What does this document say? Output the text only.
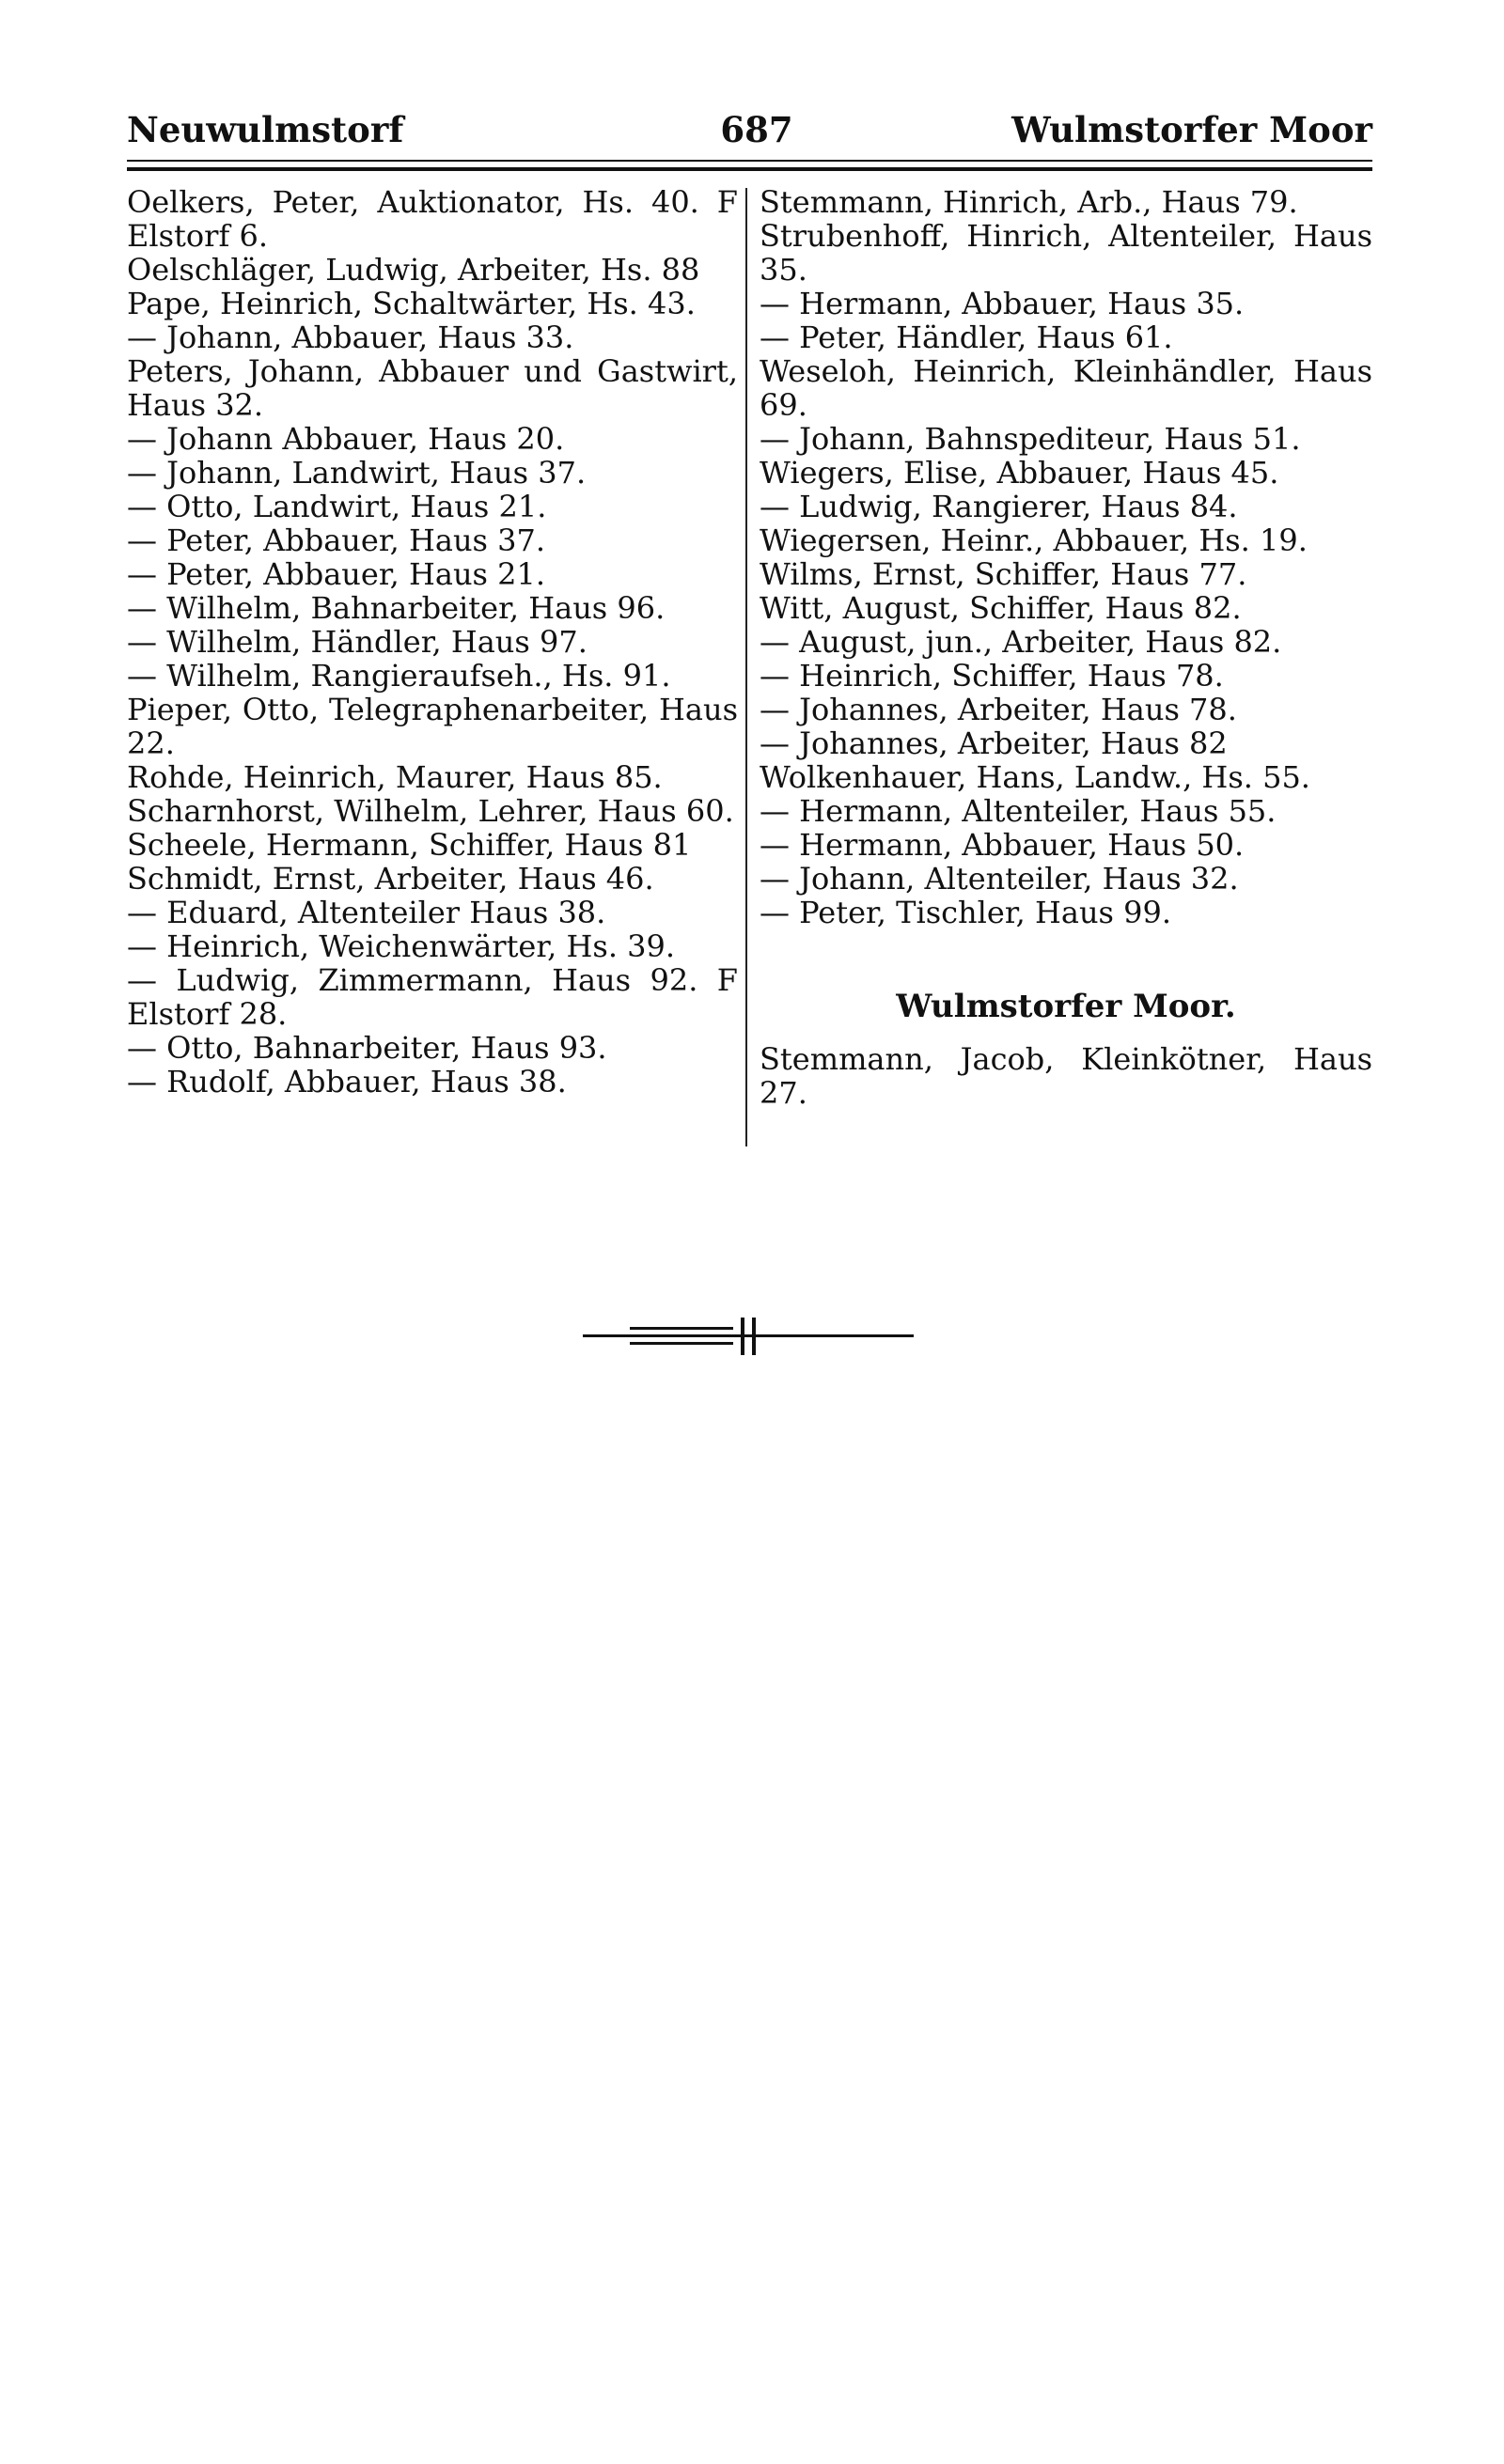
Neuwulmstorf	687	Wulmstorfer Moor
Oelkers, Peter, Auktionator, Hs. 40. F Elstorf 6.
Oelschläger, Ludwig, Arbeiter, Hs. 88
Pape, Heinrich, Schaltwärter, Hs. 43.
— Johann, Abbauer, Haus 33.
Peters, Johann, Abbauer und Gastwirt, Haus 32.
— Johann Abbauer, Haus 20.
— Johann, Landwirt, Haus 37.
— Otto, Landwirt, Haus 21.
— Peter, Abbauer, Haus 37.
— Peter, Abbauer, Haus 21.
— Wilhelm, Bahnarbeiter, Haus 96.
— Wilhelm, Händler, Haus 97.
— Wilhelm, Rangieraufseh., Hs. 91.
Pieper, Otto, Telegraphenarbeiter, Haus 22.
Rohde, Heinrich, Maurer, Haus 85.
Scharnhorst, Wilhelm, Lehrer, Haus 60.
Scheele, Hermann, Schiffer, Haus 81
Schmidt, Ernst, Arbeiter, Haus 46.
— Eduard, Altenteiler Haus 38.
— Heinrich, Weichenwärter, Hs. 39.
— Ludwig, Zimmermann, Haus 92. F Elstorf 28.
— Otto, Bahnarbeiter, Haus 93.
— Rudolf, Abbauer, Haus 38.
Stemmann, Hinrich, Arb., Haus 79.
Strubenhoff, Hinrich, Altenteiler, Haus 35.
— Hermann, Abbauer, Haus 35.
— Peter, Händler, Haus 61.
Weseloh, Heinrich, Kleinhändler, Haus 69.
— Johann, Bahnspediteur, Haus 51.
Wiegers, Elise, Abbauer, Haus 45.
— Ludwig, Rangierer, Haus 84.
Wiegersen, Heinr., Abbauer, Hs. 19.
Wilms, Ernst, Schiffer, Haus 77.
Witt, August, Schiffer, Haus 82.
— August, jun., Arbeiter, Haus 82.
— Heinrich, Schiffer, Haus 78.
— Johannes, Arbeiter, Haus 78.
— Johannes, Arbeiter, Haus 82
Wolkenhauer, Hans, Landw., Hs. 55.
— Hermann, Altenteiler, Haus 55.
— Hermann, Abbauer, Haus 50.
— Johann, Altenteiler, Haus 32.
— Peter, Tischler, Haus 99.
Wulmstorfer Moor.
Stemmann, Jacob, Kleinkötner, Haus 27.
